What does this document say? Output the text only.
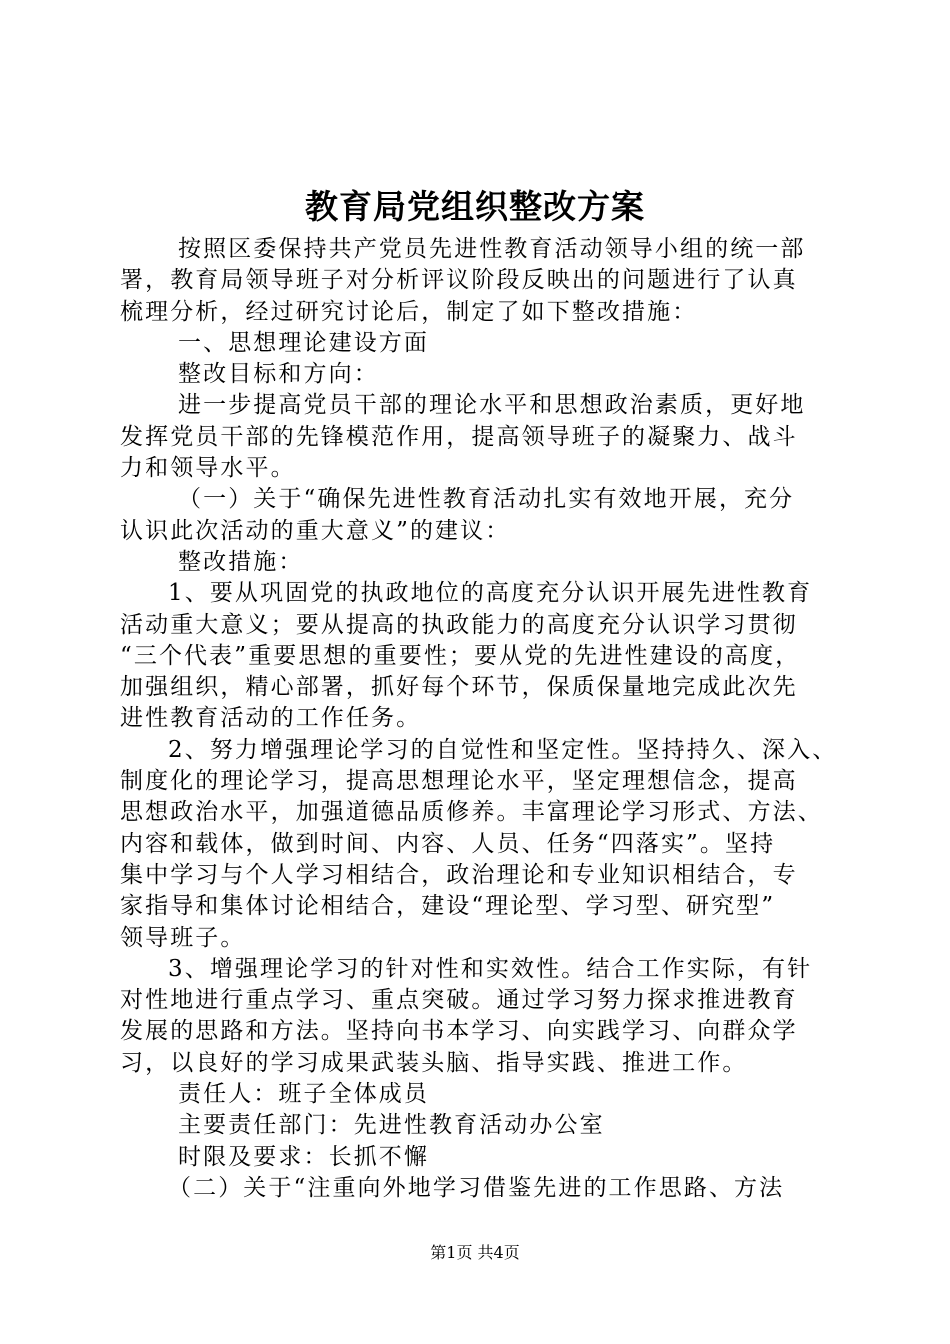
教育局党组织整改方案

按照区委保持共产党员先进性教育活动领导小组的统一部

署，教育局领导班子对分析评议阶段反映出的问题进行了认真

梳理分析，经过研究讨论后，制定了如下整改措施：

一、思想理论建设方面

整改目标和方向：

进一步提高党员干部的理论水平和思想政治素质，更好地

发挥党员干部的先锋模范作用，提高领导班子的凝聚力、战斗

力和领导水平。

（一）关于“确保先进性教育活动扎实有效地开展，充分

认识此次活动的重大意义”的建议：

整改措施：

1、要从巩固党的执政地位的高度充分认识开展先进性教育

活动重大意义；要从提高的执政能力的高度充分认识学习贯彻

“三个代表”重要思想的重要性；要从党的先进性建设的高度，

加强组织，精心部署，抓好每个环节，保质保量地完成此次先

进性教育活动的工作任务。

2、努力增强理论学习的自觉性和坚定性。坚持持久、深入、

制度化的理论学习，提高思想理论水平，坚定理想信念，提高

思想政治水平，加强道德品质修养。丰富理论学习形式、方法、

内容和载体，做到时间、内容、人员、任务“四落实”。坚持

集中学习与个人学习相结合，政治理论和专业知识相结合，专

家指导和集体讨论相结合，建设“理论型、学习型、研究型”

领导班子。

3、增强理论学习的针对性和实效性。结合工作实际，有针

对性地进行重点学习、重点突破。通过学习努力探求推进教育

发展的思路和方法。坚持向书本学习、向实践学习、向群众学

习，以良好的学习成果武装头脑、指导实践、推进工作。

责任人：班子全体成员

主要责任部门：先进性教育活动办公室

时限及要求：长抓不懈

（二）关于“注重向外地学习借鉴先进的工作思路、方法

第1页 共4页
